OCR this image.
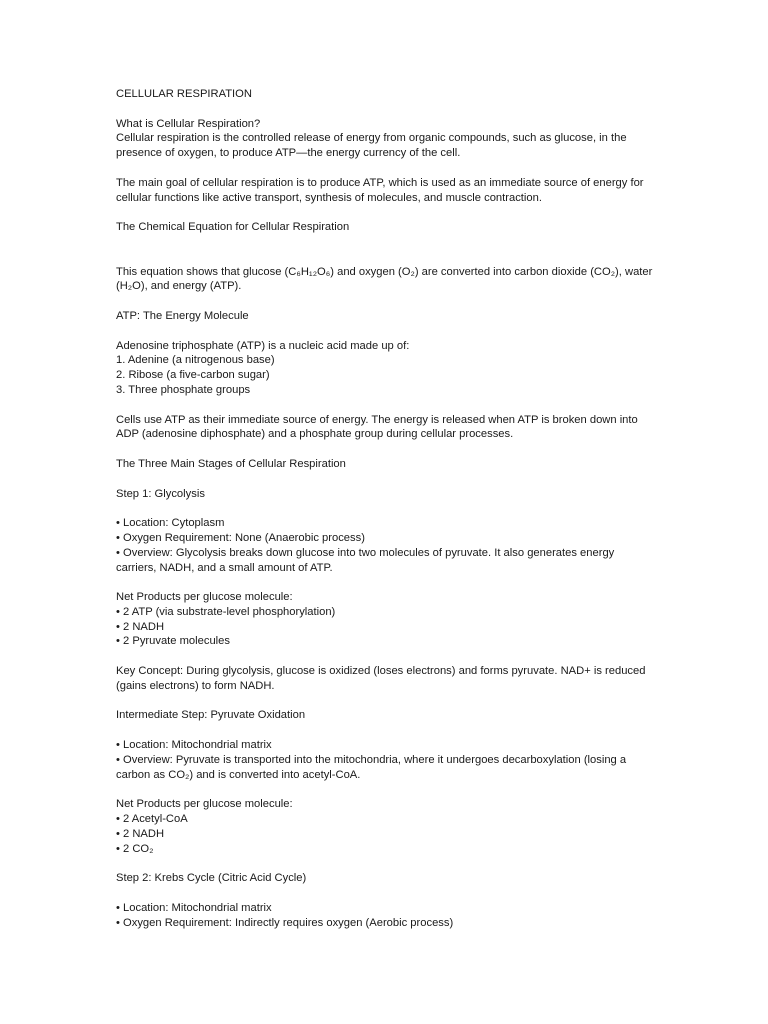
CELLULAR RESPIRATION

What is Cellular Respiration?
Cellular respiration is the controlled release of energy from organic compounds, such as glucose, in the presence of oxygen, to produce ATP—the energy currency of the cell.

The main goal of cellular respiration is to produce ATP, which is used as an immediate source of energy for cellular functions like active transport, synthesis of molecules, and muscle contraction.

The Chemical Equation for Cellular Respiration

This equation shows that glucose (C₆H₁₂O₆) and oxygen (O₂) are converted into carbon dioxide (CO₂), water (H₂O), and energy (ATP).

ATP: The Energy Molecule

Adenosine triphosphate (ATP) is a nucleic acid made up of:
1. Adenine (a nitrogenous base)
2. Ribose (a five-carbon sugar)
3. Three phosphate groups

Cells use ATP as their immediate source of energy. The energy is released when ATP is broken down into ADP (adenosine diphosphate) and a phosphate group during cellular processes.

The Three Main Stages of Cellular Respiration

Step 1: Glycolysis

• Location: Cytoplasm
• Oxygen Requirement: None (Anaerobic process)
• Overview: Glycolysis breaks down glucose into two molecules of pyruvate. It also generates energy carriers, NADH, and a small amount of ATP.

Net Products per glucose molecule:
• 2 ATP (via substrate-level phosphorylation)
• 2 NADH
• 2 Pyruvate molecules

Key Concept: During glycolysis, glucose is oxidized (loses electrons) and forms pyruvate. NAD+ is reduced (gains electrons) to form NADH.

Intermediate Step: Pyruvate Oxidation

• Location: Mitochondrial matrix
• Overview: Pyruvate is transported into the mitochondria, where it undergoes decarboxylation (losing a carbon as CO₂) and is converted into acetyl-CoA.

Net Products per glucose molecule:
• 2 Acetyl-CoA
• 2 NADH
• 2 CO₂

Step 2: Krebs Cycle (Citric Acid Cycle)

• Location: Mitochondrial matrix
• Oxygen Requirement: Indirectly requires oxygen (Aerobic process)
